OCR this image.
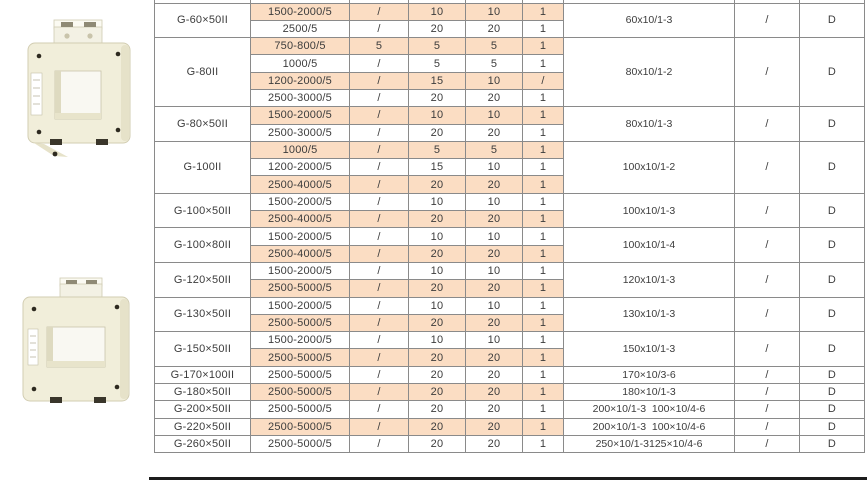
G-60×50II	1500-2000/5	/	10	10	1	60x10/1-3	/	D
	2500/5	/	20	20	1			
G-80II	750-800/5	5	5	5	1	80x10/1-2	/	D
	1000/5	/	5	5	1			
	1200-2000/5	/	15	10	/			
	2500-3000/5	/	20	20	1			
G-80×50II	1500-2000/5	/	10	10	1	80x10/1-3	/	D
	2500-3000/5	/	20	20	1			
G-100II	1000/5	/	5	5	1	100x10/1-2	/	D
	1200-2000/5	/	15	10	1			
	2500-4000/5	/	20	20	1			
G-100×50II	1500-2000/5	/	10	10	1	100x10/1-3	/	D
	2500-4000/5	/	20	20	1			
G-100×80II	1500-2000/5	/	10	10	1	100x10/1-4	/	D
	2500-4000/5	/	20	20	1			
G-120×50II	1500-2000/5	/	10	10	1	120x10/1-3	/	D
	2500-5000/5	/	20	20	1			
G-130×50II	1500-2000/5	/	10	10	1	130x10/1-3	/	D
	2500-5000/5	/	20	20	1			
G-150×50II	1500-2000/5	/	10	10	1	150x10/1-3	/	D
	2500-5000/5	/	20	20	1			
G-170×100II	2500-5000/5	/	20	20	1	170×10/3-6	/	D
G-180×50II	2500-5000/5	/	20	20	1	180×10/1-3	/	D
G-200×50II	2500-5000/5	/	20	20	1	200×10/1-3  100×10/4-6	/	D
G-220×50II	2500-5000/5	/	20	20	1	200×10/1-3  100×10/4-6	/	D
G-260×50II	2500-5000/5	/	20	20	1	250×10/1-3125×10/4-6	/	D
